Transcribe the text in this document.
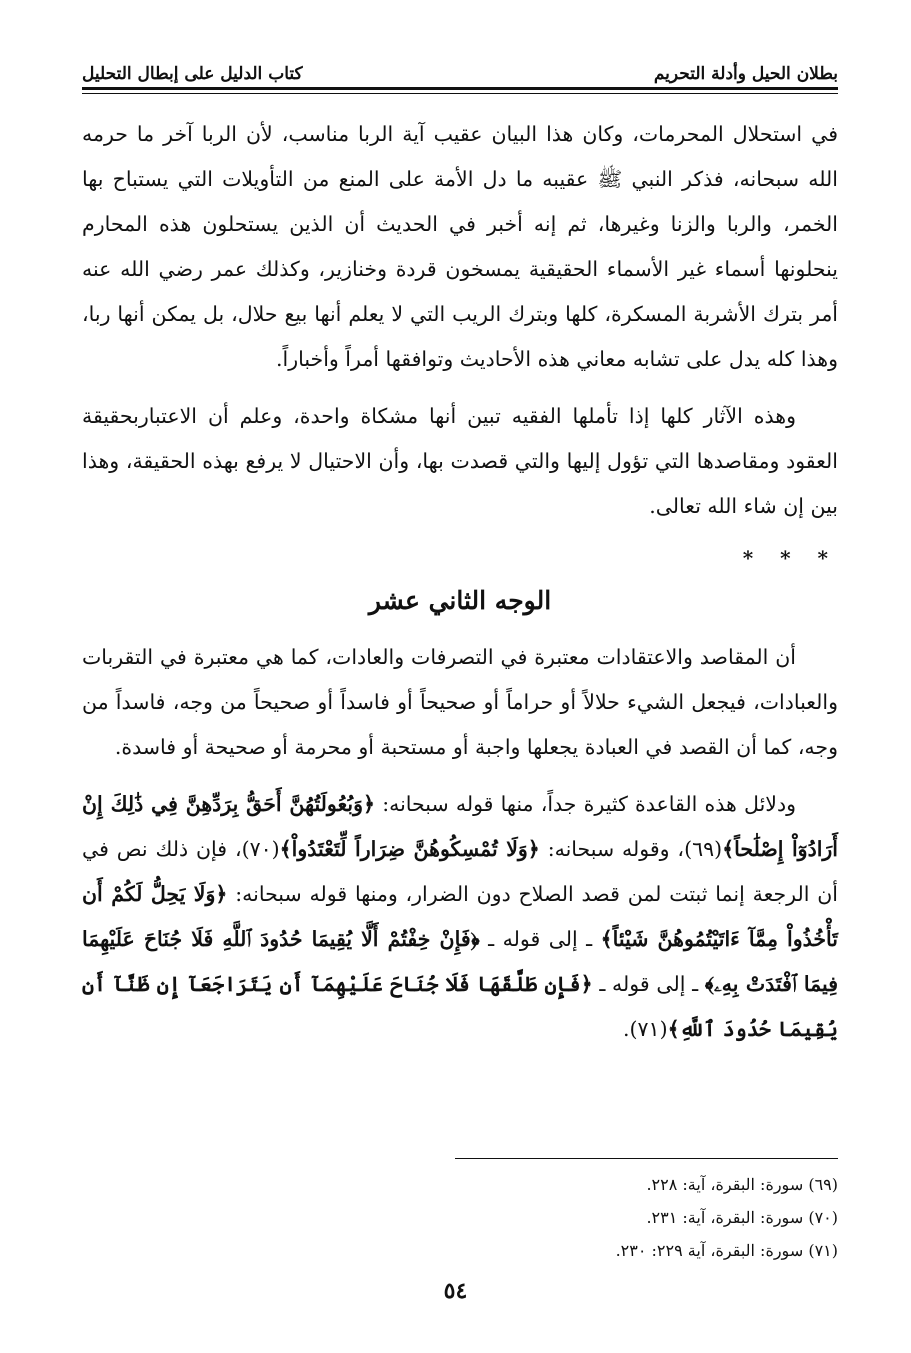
بطلان الحيل وأدلة التحريم
كتاب الدليل على إبطال التحليل

في استحلال المحرمات، وكان هذا البيان عقيب آية الربا مناسب، لأن الربا آخر ما حرمه الله سبحانه، فذكر النبي ﷺ عقيبه ما دل الأمة على المنع من التأويلات التي يستباح بها الخمر، والربا والزنا وغيرها، ثم إنه أخبر في الحديث أن الذين يستحلون هذه المحارم ينحلونها أسماء غير الأسماء الحقيقية يمسخون قردة وخنازير، وكذلك عمر رضي الله عنه أمر بترك الأشربة المسكرة، كلها وبترك الريب التي لا يعلم أنها بيع حلال، بل يمكن أنها ربا، وهذا كله يدل على تشابه معاني هذه الأحاديث وتوافقها أمراً وأخباراً.

وهذه الآثار كلها إذا تأملها الفقيه تبين أنها مشكاة واحدة، وعلم أن الاعتباربحقيقة العقود ومقاصدها التي تؤول إليها والتي قصدت بها، وأن الاحتيال لا يرفع بهذه الحقيقة، وهذا بين إن شاء الله تعالى.

* * *
الوجه الثاني عشر

أن المقاصد والاعتقادات معتبرة في التصرفات والعادات، كما هي معتبرة في التقربات والعبادات، فيجعل الشيء حلالاً أو حراماً أو صحيحاً أو فاسداً أو صحيحاً من وجه، فاسداً من وجه، كما أن القصد في العبادة يجعلها واجبة أو مستحبة أو محرمة أو صحيحة أو فاسدة.

ودلائل هذه القاعدة كثيرة جداً، منها قوله سبحانه: ﴿وَبُعُولَتُهُنَّ أَحَقُّ بِرَدِّهِنَّ فِي ذَٰلِكَ إِنْ أَرَادُوٓاْ إِصْلَٰحاً﴾(٦٩)، وقوله سبحانه: ﴿وَلَا تُمْسِكُوهُنَّ ضِرَاراً لِّتَعْتَدُواْ﴾(٧٠)، فإن ذلك نص في أن الرجعة إنما ثبتت لمن قصد الصلاح دون الضرار، ومنها قوله سبحانه: ﴿وَلَا يَحِلُّ لَكُمْ أَن تَأْخُذُواْ مِمَّآ ءَاتَيْتُمُوهُنَّ شَيْئاً﴾ ـ إلى قوله ـ ﴿فَإِنْ خِفْتُمْ أَلَّا يُقِيمَا حُدُودَ ٱللَّهِ فَلَا جُنَاحَ عَلَيْهِمَا فِيمَا ٱفْتَدَتْ بِهِۦ﴾ ـ إلى قوله ـ ﴿فَإِن طَلَّقَهَا فَلَا جُنَاحَ عَلَيْهِمَآ أَن يَتَرَاجَعَآ إِن ظَنَّآ أَن يُقِيمَا حُدُودَ ٱللَّهِ﴾(٧١).

(٦٩) سورة: البقرة، آية: ٢٢٨.

(٧٠) سورة: البقرة، آية: ٢٣١.

(٧١) سورة: البقرة، آية ٢٢٩: ٢٣٠.

٥٤
